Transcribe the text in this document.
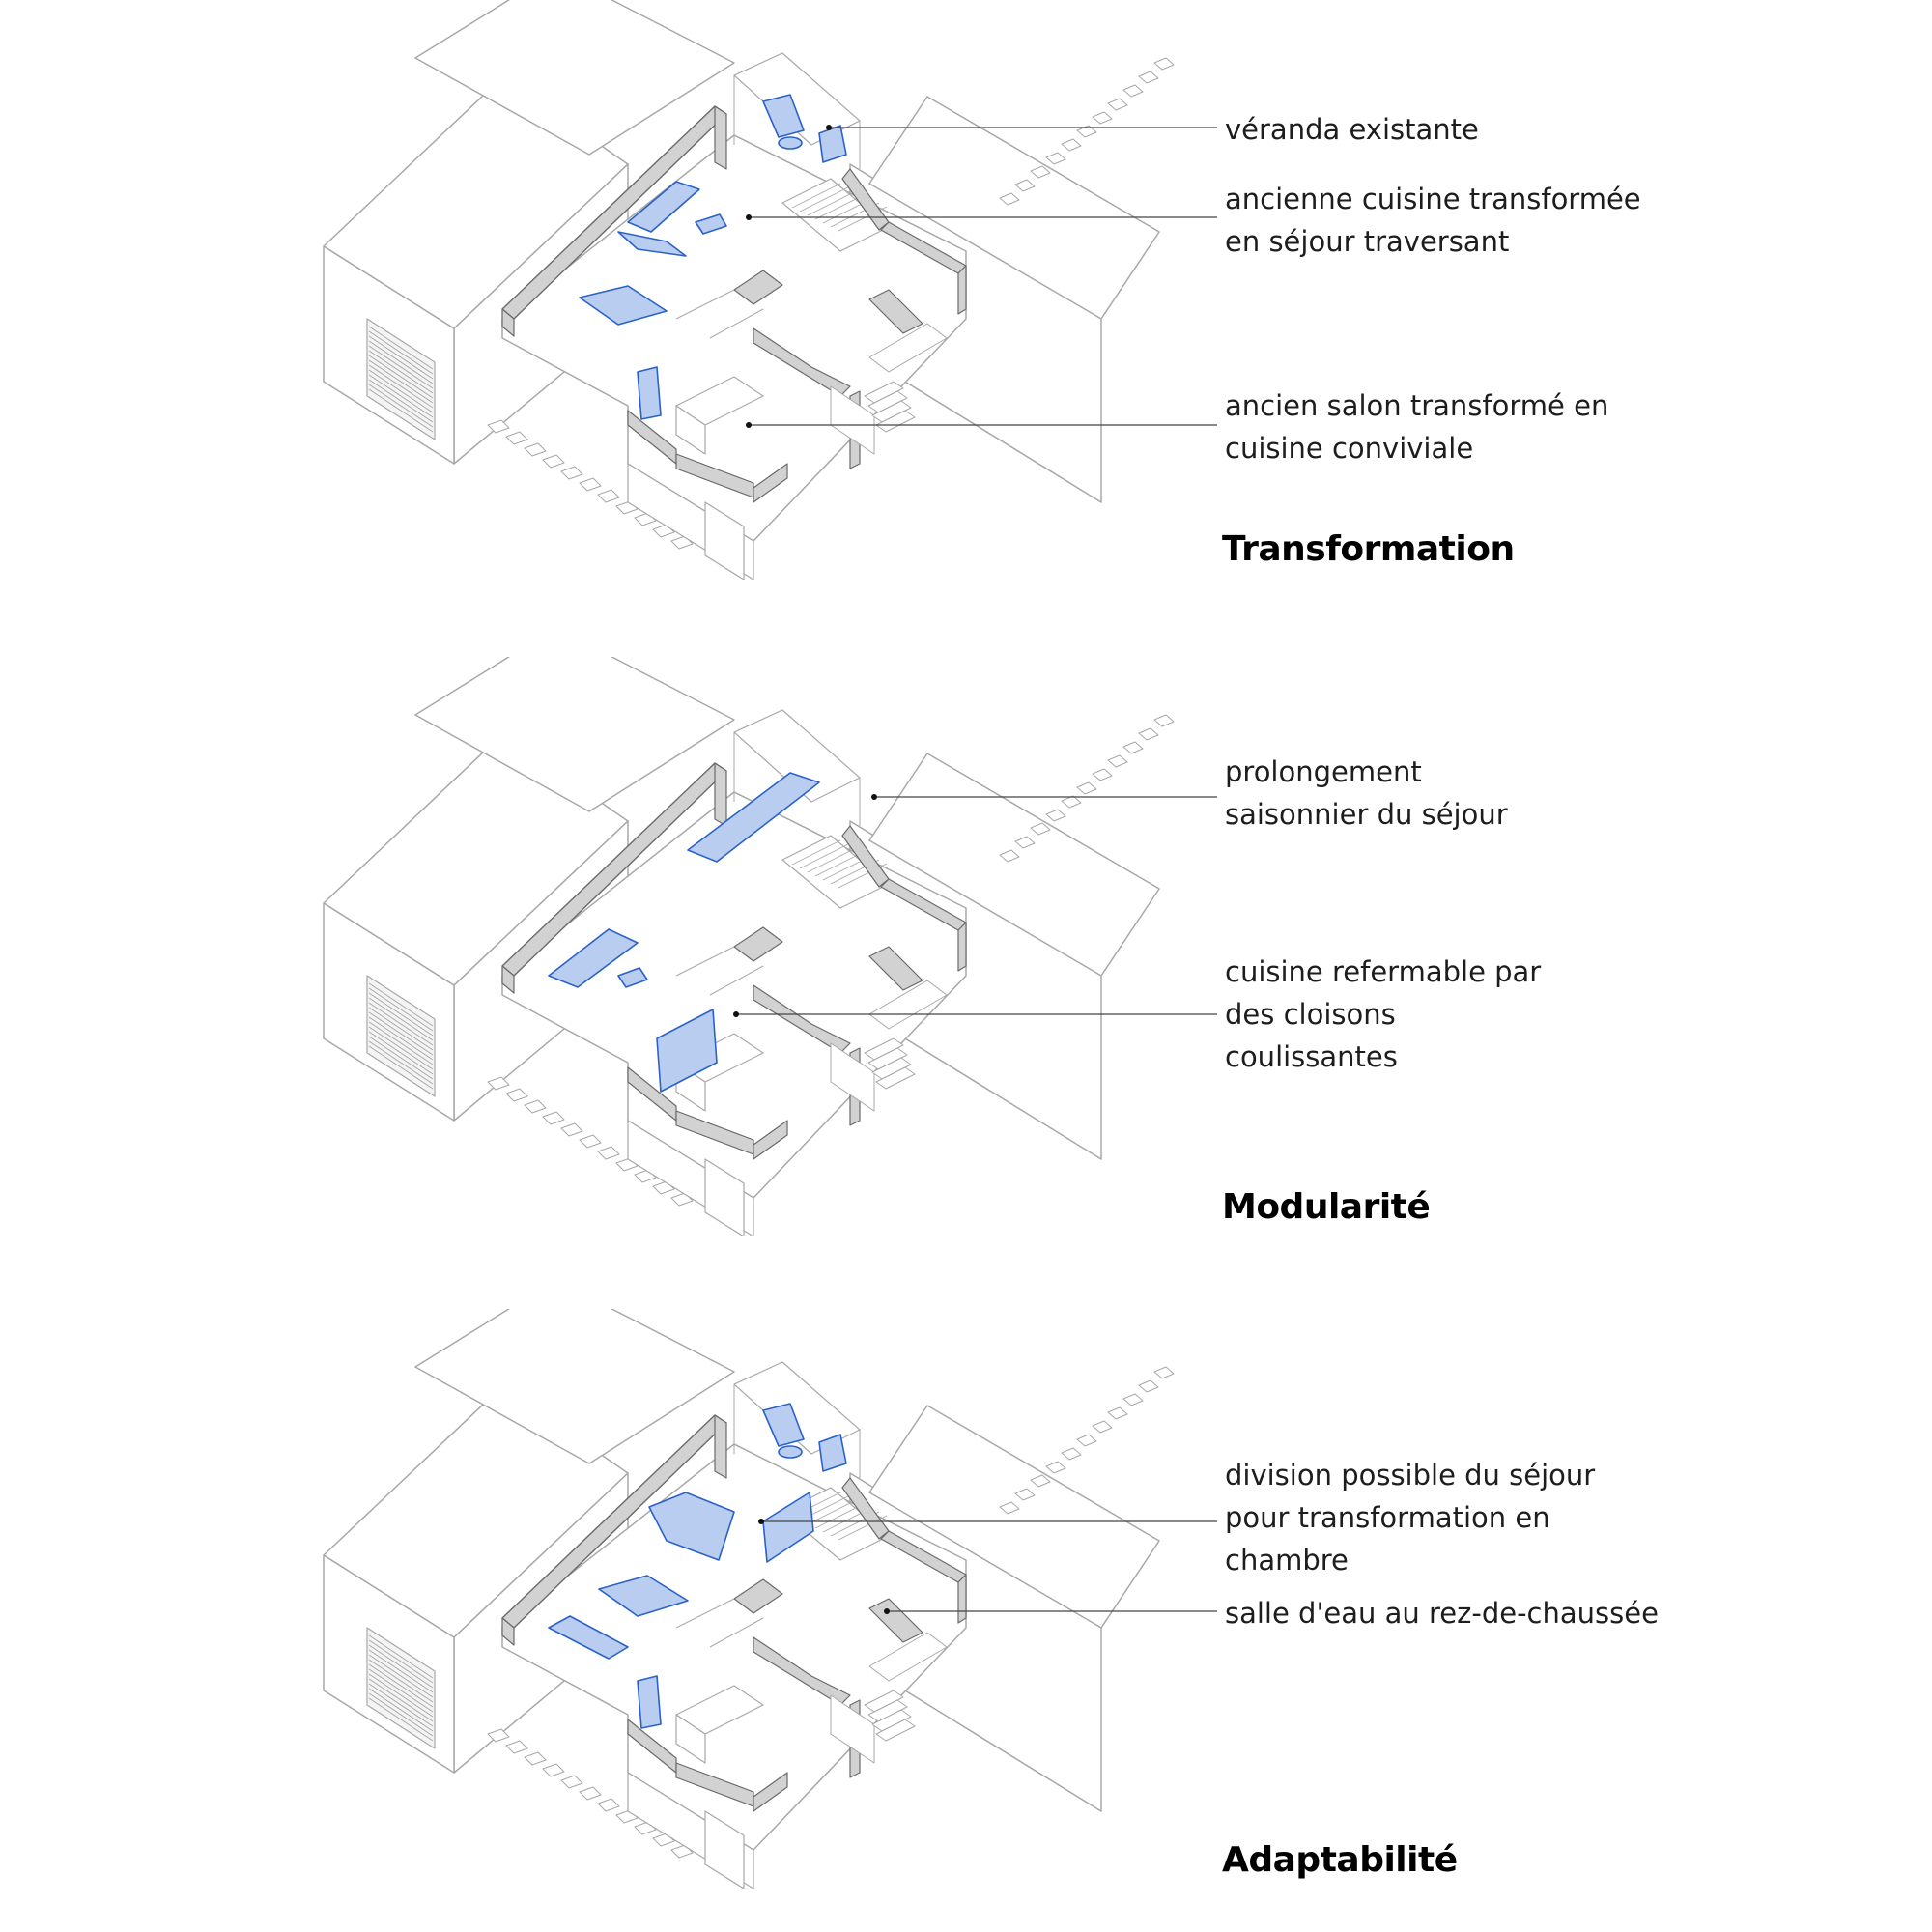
véranda existante

ancienne cuisine transformée
en séjour traversant

ancien salon transformé en
cuisine conviviale

Transformation

prolongement
saisonnier du séjour

cuisine refermable par
des cloisons
coulissantes

Modularité

division possible du séjour
pour transformation en
chambre

salle d'eau au rez-de-chaussée

Adaptabilité
